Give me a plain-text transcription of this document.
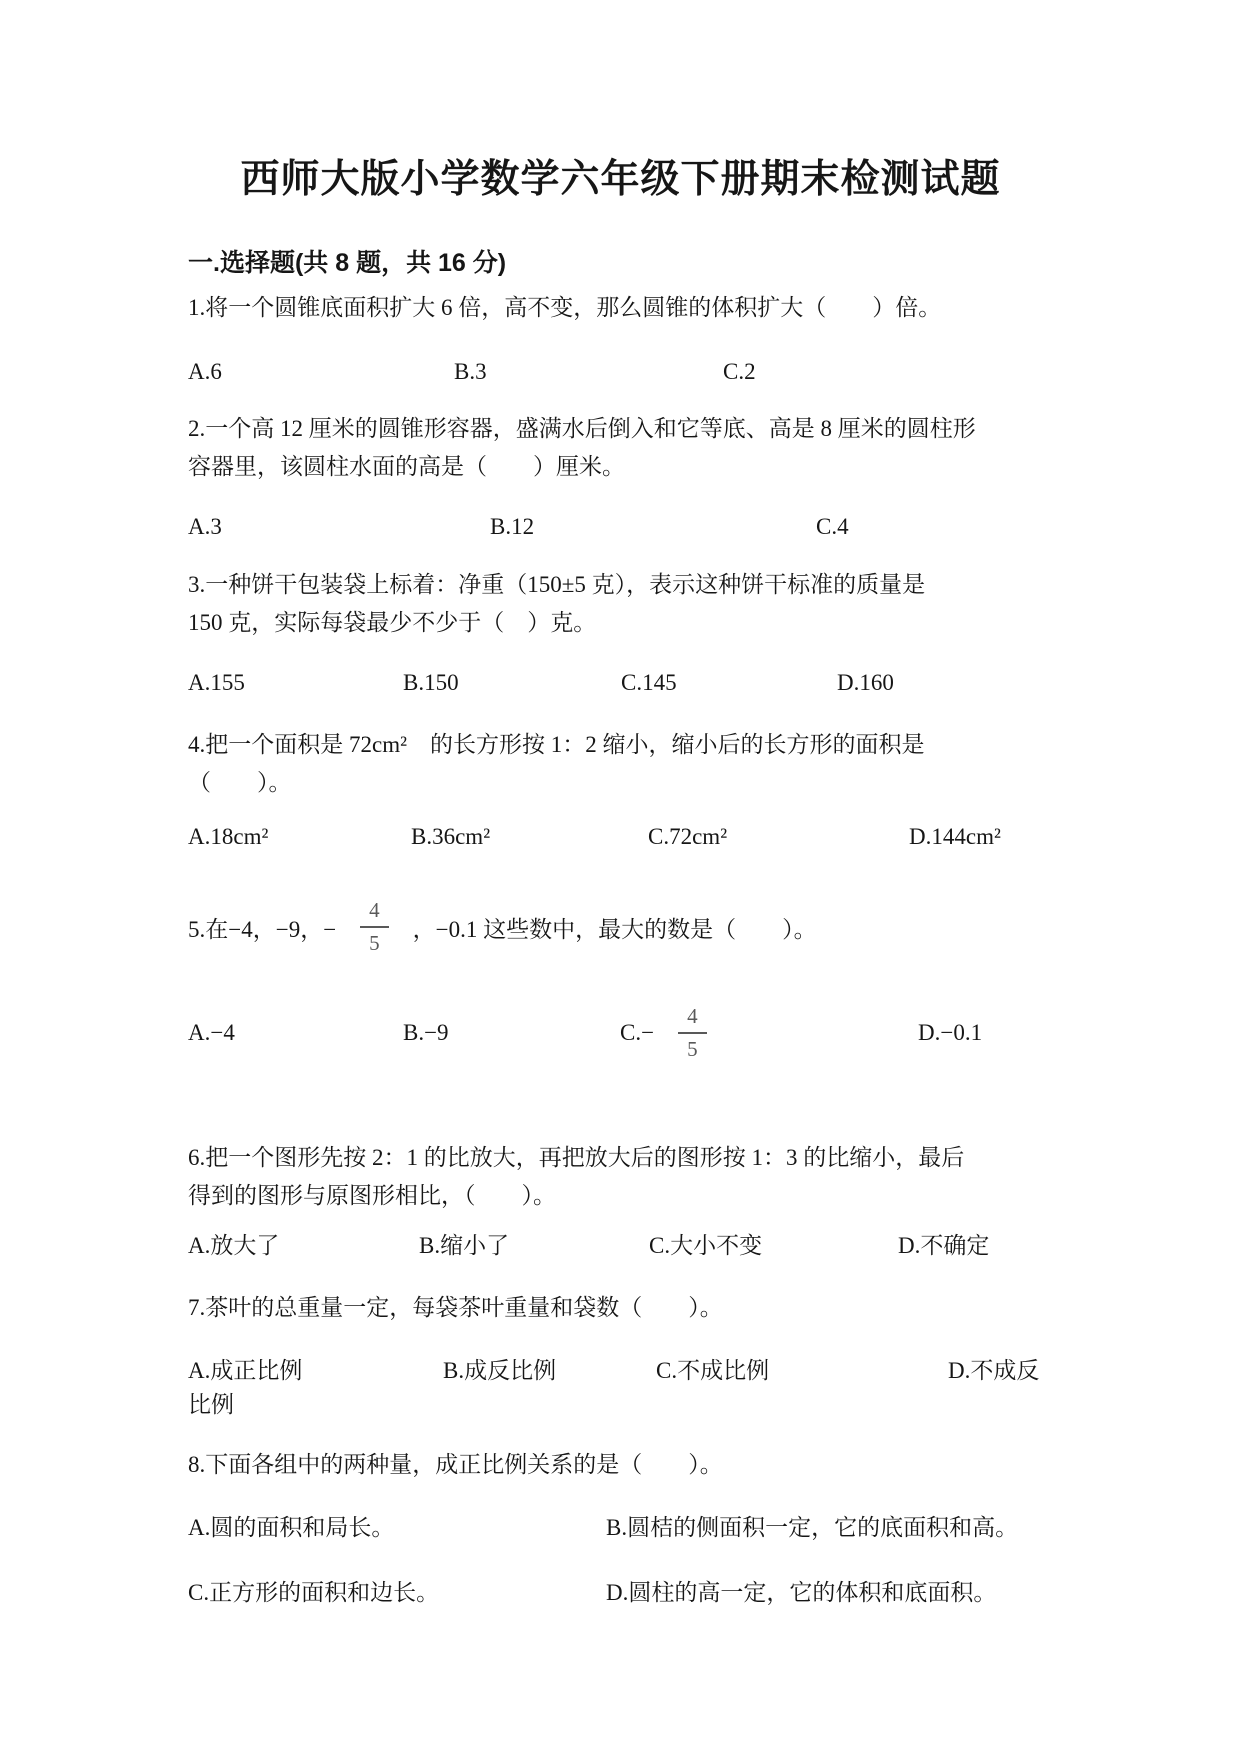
西师大版小学数学六年级下册期末检测试题
一.选择题(共 8 题，共 16 分)
1.将一个圆锥底面积扩大 6 倍，高不变，那么圆锥的体积扩大（　　）倍。
A.6	B.3	C.2
2.一个高 12 厘米的圆锥形容器，盛满水后倒入和它等底、高是 8 厘米的圆柱形
容器里，该圆柱水面的高是（　　）厘米。
A.3	B.12	C.4
3.一种饼干包装袋上标着：净重（150±5 克），表示这种饼干标准的质量是
150 克，实际每袋最少不少于（　）克。
A.155	B.150	C.145	D.160
4.把一个面积是 72cm²　的长方形按 1：2 缩小，缩小后的长方形的面积是
（　　）。
A.18cm²	B.36cm²	C.72cm²	D.144cm²
5.在−4，−9，− $\frac{4}{5}$ ，−0.1 这些数中，最大的数是（　　）。
A.−4	B.−9	$C.- \frac{4}{5}$	D.−0.1
6.把一个图形先按 2：1 的比放大，再把放大后的图形按 1：3 的比缩小，最后
得到的图形与原图形相比，（　　）。
A.放大了	B.缩小了	C.大小不变	D.不确定
7.茶叶的总重量一定，每袋茶叶重量和袋数（　　）。
A.成正比例	B.成反比例	C.不成比例	D.不成反
比例
8.下面各组中的两种量，成正比例关系的是（　　）。
A.圆的面积和局长。	B.圆桔的侧面积一定，它的底面积和高。
C.正方形的面积和边长。	D.圆柱的高一定，它的体积和底面积。
